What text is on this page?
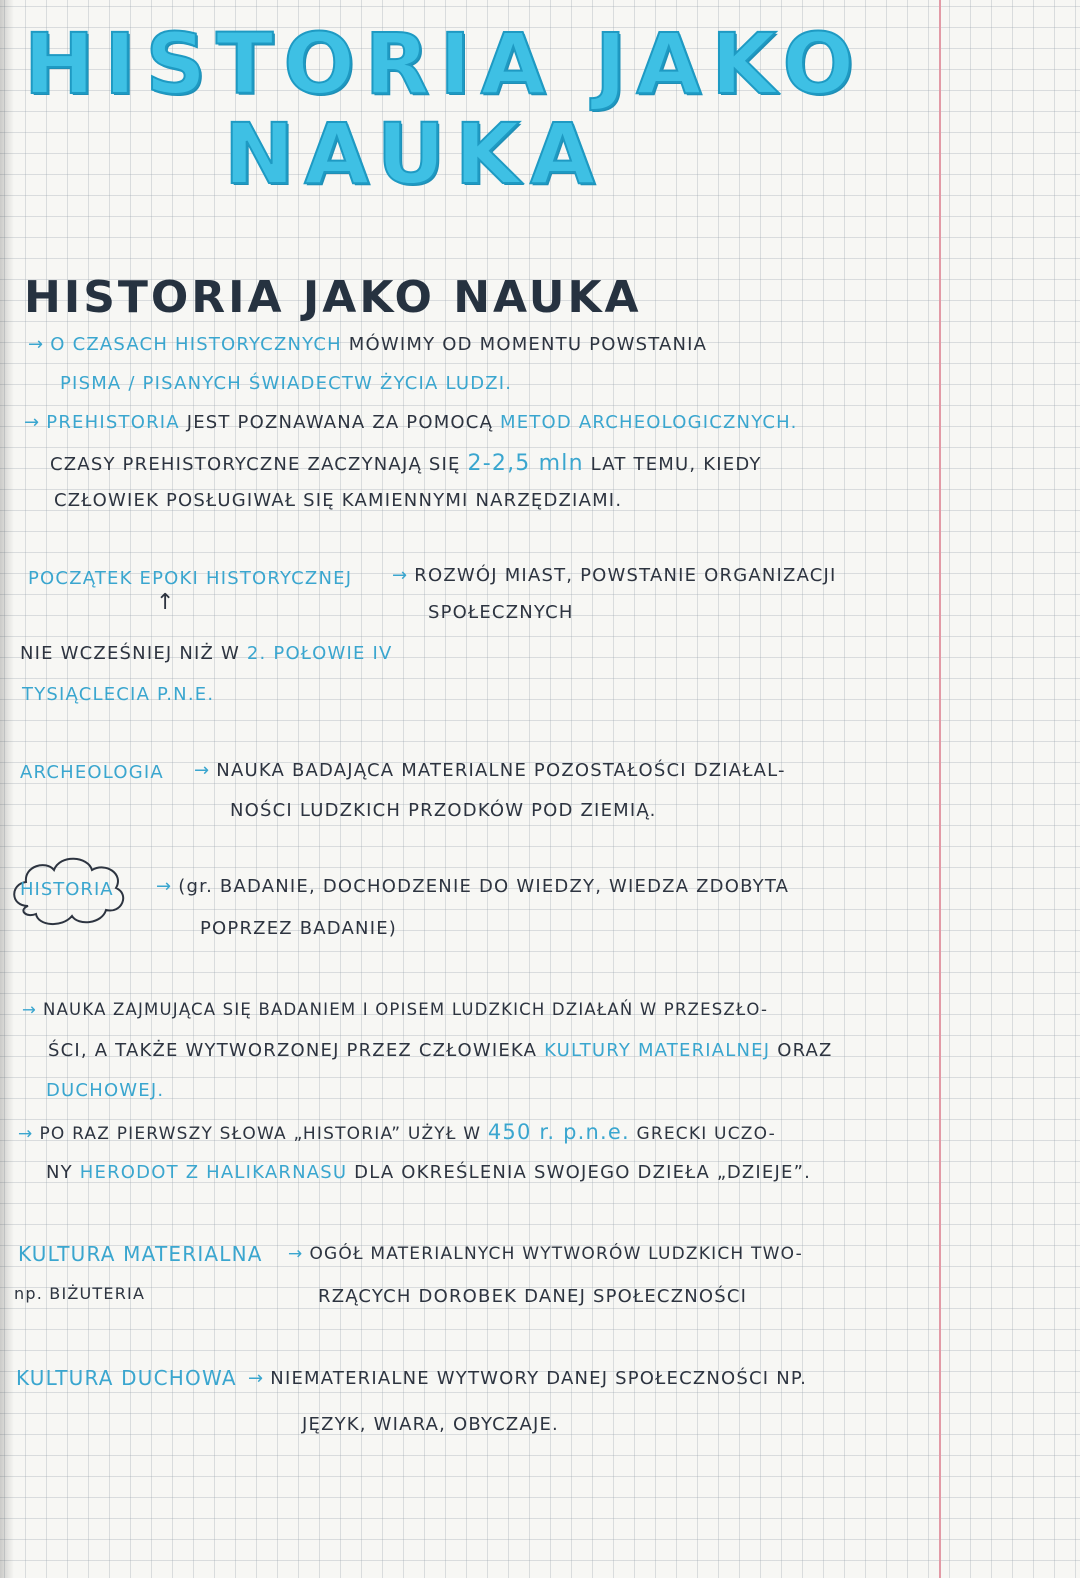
HISTORIA JAKO
NAUKA
HISTORIA JAKO NAUKA
→ O CZASACH HISTORYCZNYCH MÓWIMY OD MOMENTU POWSTANIA
PISMA / PISANYCH ŚWIADECTW ŻYCIA LUDZI.
→ PREHISTORIA JEST POZNAWANA ZA POMOCĄ METOD ARCHEOLOGICZNYCH.
CZASY PREHISTORYCZNE ZACZYNAJĄ SIĘ 2-2,5 mln LAT TEMU, KIEDY
CZŁOWIEK POSŁUGIWAŁ SIĘ KAMIENNYMI NARZĘDZIAMI.
POCZĄTEK EPOKI HISTORYCZNEJ → ROZWÓJ MIAST, POWSTANIE ORGANIZACJI
SPOŁECZNYCH
↑
NIE WCZEŚNIEJ NIŻ W 2. POŁOWIE IV
TYSIĄCLECIA P.N.E.
ARCHEOLOGIA → NAUKA BADAJĄCA MATERIALNE POZOSTAŁOŚCI DZIAŁAL-
NOŚCI LUDZKICH PRZODKÓW POD ZIEMIĄ.
HISTORIA → (gr. BADANIE, DOCHODZENIE DO WIEDZY, WIEDZA ZDOBYTA
POPRZEZ BADANIE)
→ NAUKA ZAJMUJĄCA SIĘ BADANIEM I OPISEM LUDZKICH DZIAŁAŃ W PRZESZŁO-
ŚCI, A TAKŻE WYTWORZONEJ PRZEZ CZŁOWIEKA KULTURY MATERIALNEJ ORAZ
DUCHOWEJ.
→ PO RAZ PIERWSZY SŁOWA „HISTORIA” UŻYŁ W 450 r. p.n.e. GRECKI UCZO-
NY HERODOT Z HALIKARNASU DLA OKREŚLENIA SWOJEGO DZIEŁA „DZIEJE”.
KULTURA MATERIALNA → OGÓŁ MATERIALNYCH WYTWORÓW LUDZKICH TWO-
RZĄCYCH DOROBEK DANEJ SPOŁECZNOŚCI
np. BIŻUTERIA
KULTURA DUCHOWA → NIEMATERIALNE WYTWORY DANEJ SPOŁECZNOŚCI NP.
JĘZYK, WIARA, OBYCZAJE.
